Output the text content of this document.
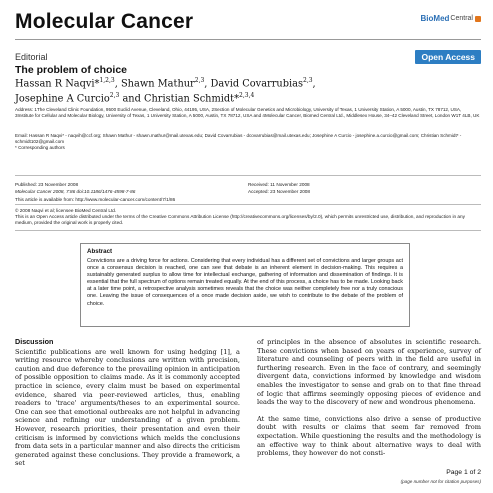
Molecular Cancer	BioMed Central
Editorial	Open Access
The problem of choice
Hassan R Naqvi*$^{1,2,3}$, Shawn Mathur$^{2,3}$, David Covarrubias$^{2,3}$,
Josephine A Curcio$^{2,3}$ and Christian Schmidt*$^{2,3,4}$
Address: 1The Cleveland Clinic Foundation, 9500 Euclid Avenue, Cleveland, Ohio, 44195, USA, 2Section of Molecular Genetics and Microbiology, University of Texas, 1 University Station, A 5000, Austin, TX 78712, USA, 3Institute for Cellular and Molecular Biology, University of Texas, 1 University Station, A 5000, Austin, TX 78712, USA and 4Molecular Cancer, Biomed Central Ltd., Middlesex House, 34–42 Cleveland Street, London W1T 4LB, UK
Email: Hassan R Naqvi* - naqvih@ccf.org; Shawn Mathur - shawn.mathur@mail.utexas.edu; David Covarrubias - dcovarrubias@mail.utexas.edu; Josephine A Curcio - josephine.a.curcio@gmail.com; Christian Schmidt* - schmidt102@gmail.com
* Corresponding authors
Published: 23 November 2008
Molecular Cancer 2008, 7:86 doi:10.1186/1476-4598-7-86
Received: 11 November 2008
Accepted: 23 November 2008
This article is available from: http://www.molecular-cancer.com/content/7/1/86
© 2008 Naqvi et al; licensee BioMed Central Ltd.
This is an Open Access article distributed under the terms of the Creative Commons Attribution License (http://creativecommons.org/licenses/by/2.0), which permits unrestricted use, distribution, and reproduction in any medium, provided the original work is properly cited.
Abstract
Convictions are a driving force for actions. Considering that every individual has a different set of convictions and larger groups act once a consensus decision is reached, one can see that debate is an inherent element in decision-making. This requires a sustainably generated surplus to allow time for intellectual exchange, gathering of information and dissemination of findings. It is essential that the full spectrum of options remain treated equally. At the end of this process, a choice has to be made. Looking back at a later time point, a retrospective analysis sometimes reveals that the choice was neither completely free nor a truly conscious one. Leaving the issue of consequences of a once made decision aside, we wish to contribute to the debate of the problem of choice.
Discussion
Scientific publications are well known for using hedging [1], a writing resource whereby conclusions are written with precision, caution and due deference to the prevailing opinion in anticipation of possible opposition to claims made. As it is commonly accepted practice in science, every claim must be based on experimental evidence, shared via peer-reviewed articles, thus, enabling readers to 'trace' arguments/theses to an experimental source. One can see that emotional outbreaks are not helpful in advancing science and refining our understanding of a given problem. However, research priorities, their presentation and even their criticism is informed by convictions which melds the conclusions from data sets in a particular manner and also directs the criticism generated against these conclusions. They provide a framework, a set
of principles in the absence of absolutes in scientific research. These convictions when based on years of experience, survey of literature and counseling of peers with in the field are useful in furthering research. Even in the face of contrary, and seemingly divergent data, convictions informed by knowledge and wisdom enables the investigator to sense and grab on to that fine thread of logic that affirms seemingly opposing pieces of evidence and leads the way to the discovery of new and wondrous phenomena.
At the same time, convictions also drive a sense of productive doubt with results or claims that seem far removed from expectation. While questioning the results and the methodology is an effective way to think about alternative ways to deal with problems, they however do not consti-
Page 1 of 2
(page number not for citation purposes)
